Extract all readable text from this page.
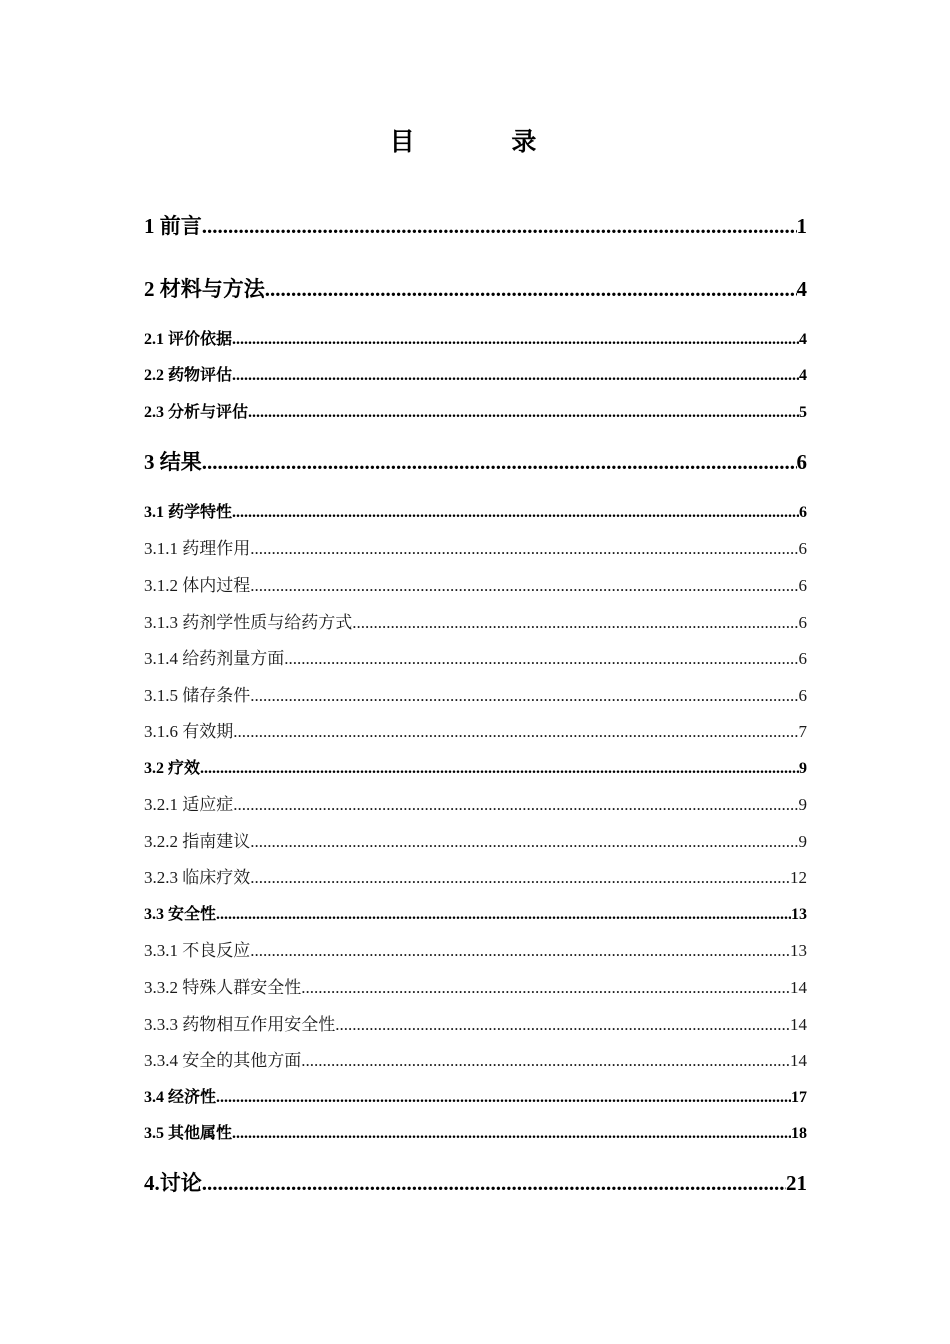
目 录
1 前言 .....	1
2 材料与方法 .....	4
2.1 评价依据 .....	4
2.2 药物评估 .....	4
2.3 分析与评估 .....	5
3 结果 .....	6
3.1 药学特性 .....	6
3.1.1 药理作用 .....	6
3.1.2 体内过程 .....	6
3.1.3 药剂学性质与给药方式 .....	6
3.1.4 给药剂量方面 .....	6
3.1.5 储存条件 .....	6
3.1.6 有效期 .....	7
3.2 疗效 .....	9
3.2.1 适应症 .....	9
3.2.2 指南建议 .....	9
3.2.3 临床疗效 .....	12
3.3 安全性 .....	13
3.3.1 不良反应 .....	13
3.3.2 特殊人群安全性 .....	14
3.3.3 药物相互作用安全性 .....	14
3.3.4 安全的其他方面 .....	14
3.4 经济性 .....	17
3.5 其他属性 .....	18
4.讨论 .....	21
